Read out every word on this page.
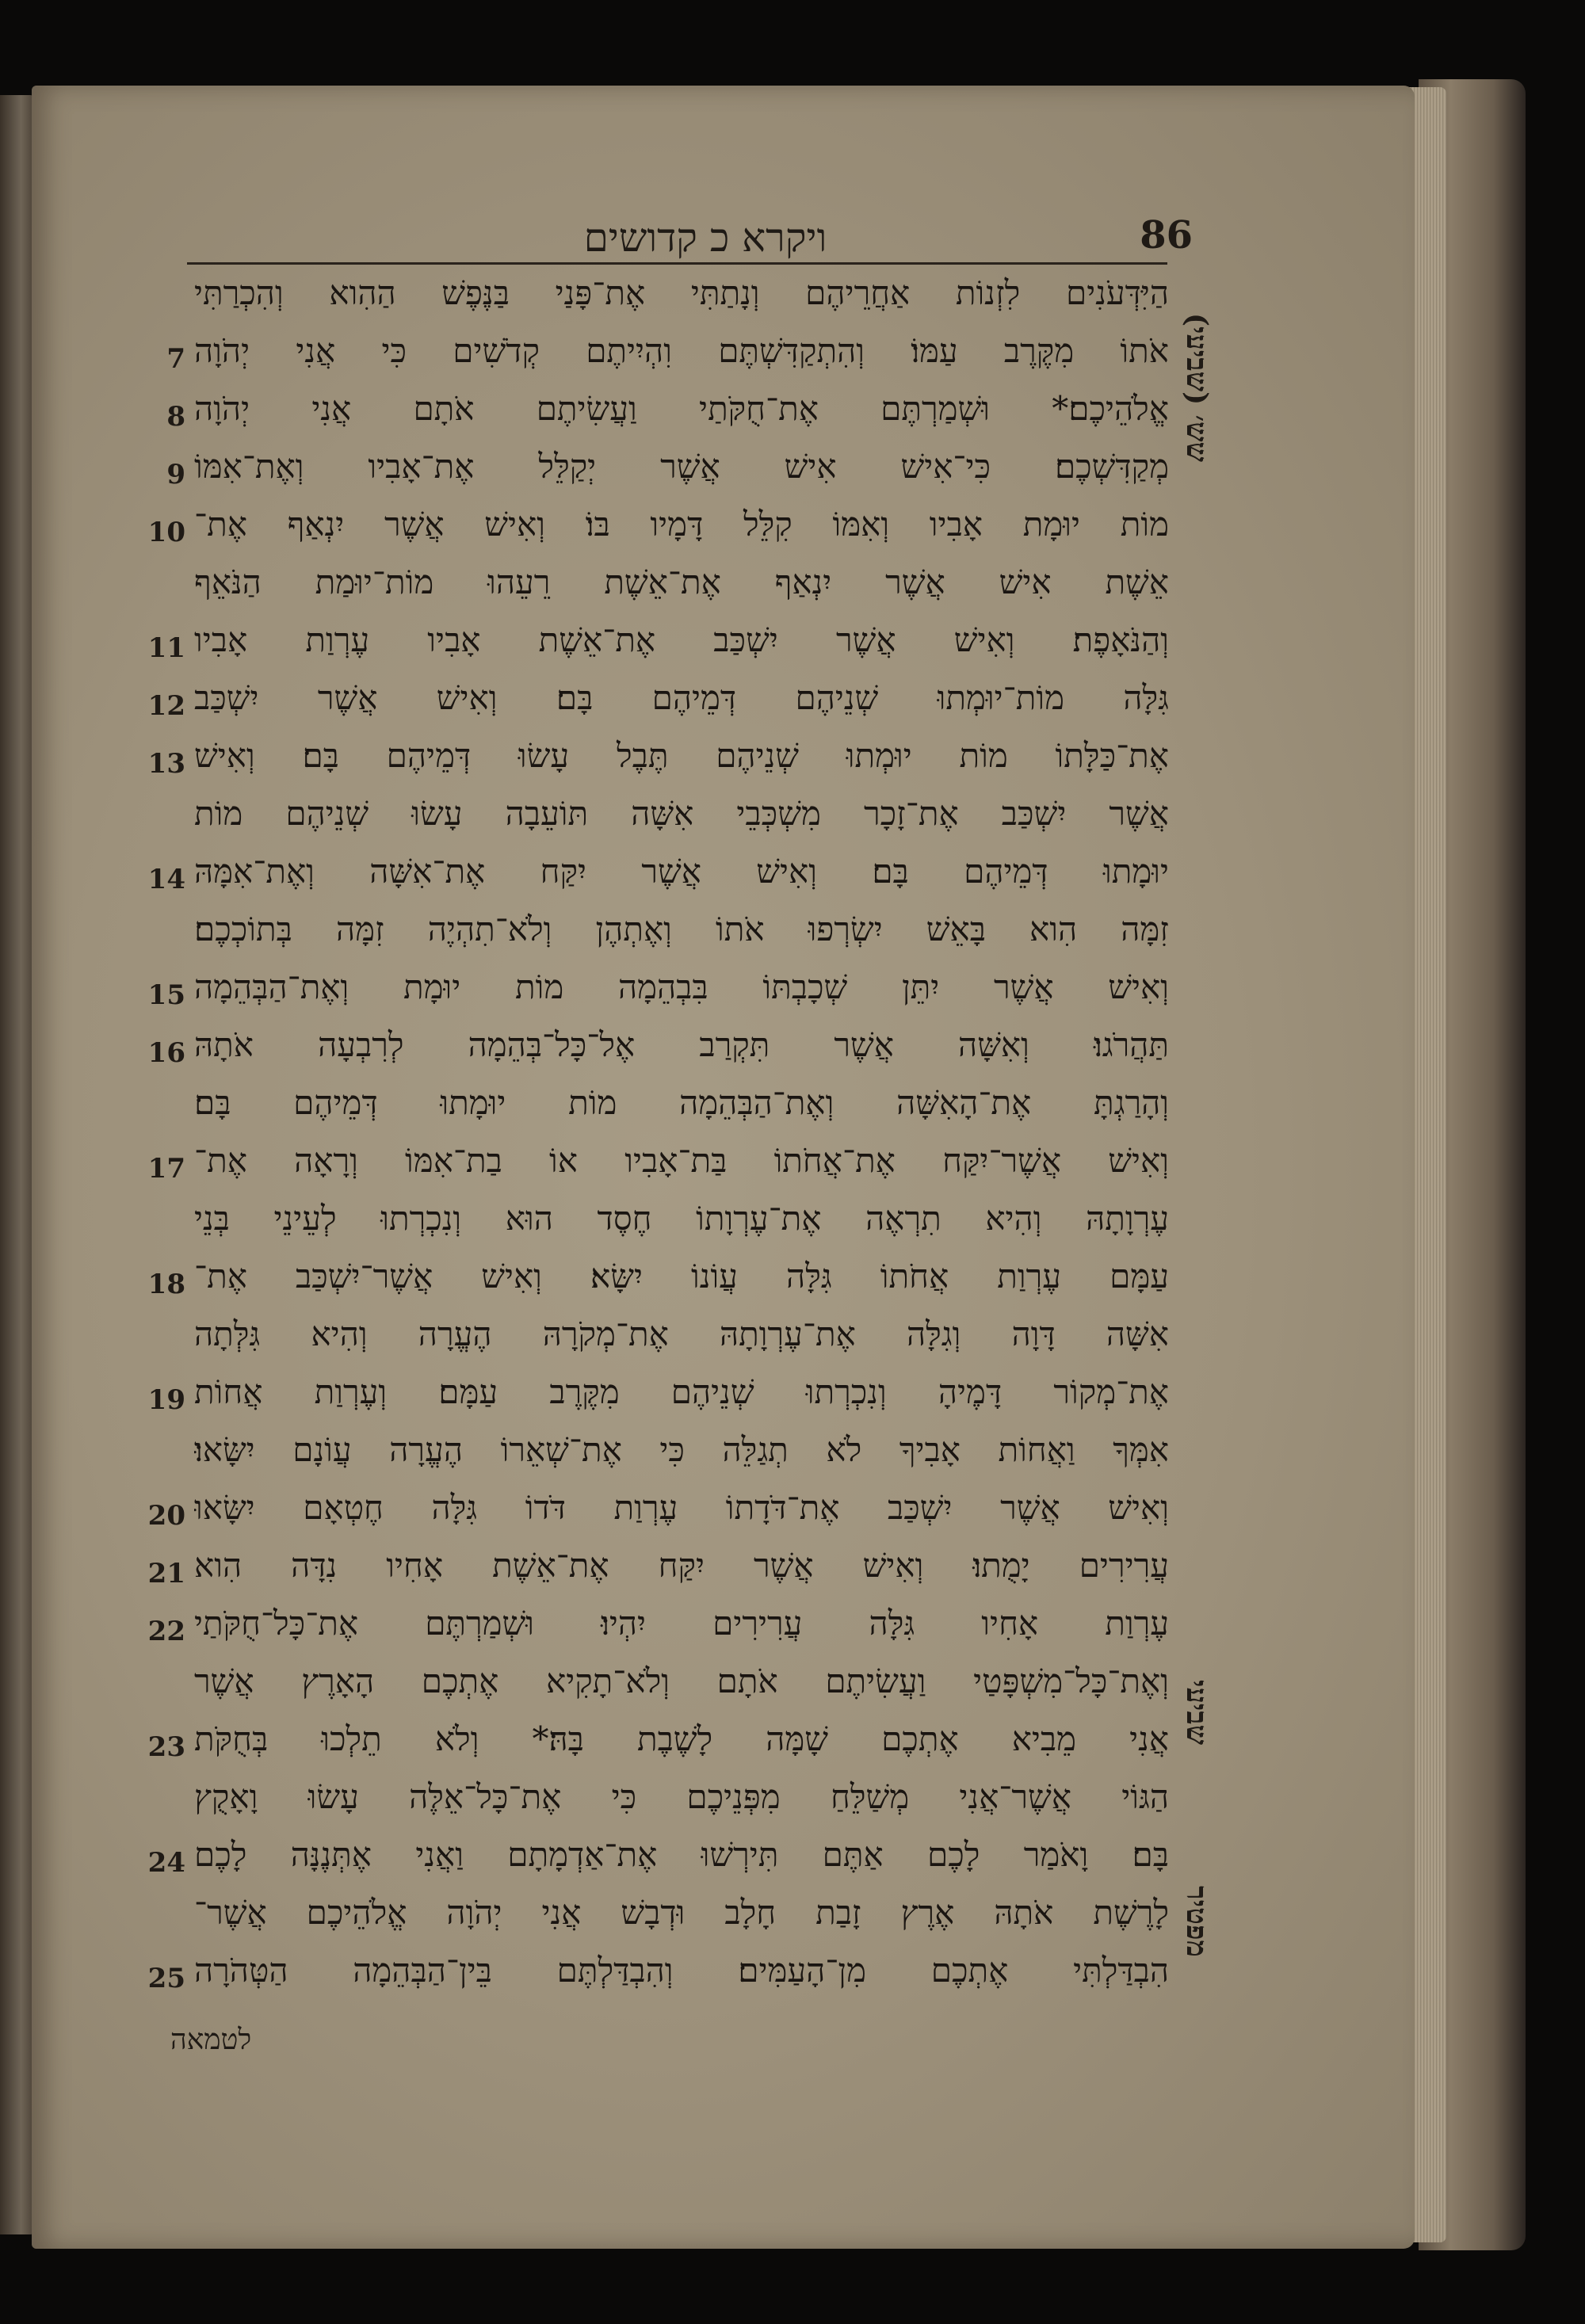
ויקרא כ קדושים	86
הַיִּדְּעֹנִים לִזְנוֹת אַחֲרֵיהֶם וְנָתַתִּי אֶת־פָּנַי בַּנֶּפֶשׁ הַהִוא וְהִכְרַתִּי
אֹתוֹ מִקֶּרֶב עַמּוֹ׃ וְהִתְקַדִּשְׁתֶּם וִהְיִיתֶם קְדֹשִׁים כִּי אֲנִי יְהֹוָה
אֱלֹהֵיכֶם׃* וּשְׁמַרְתֶּם אֶת־חֻקֹּתַי וַעֲשִׂיתֶם אֹתָם אֲנִי יְהֹוָה
מְקַדִּשְׁכֶם׃ כִּי־אִישׁ אִישׁ אֲשֶׁר יְקַלֵּל אֶת־אָבִיו וְאֶת־אִמּוֹ
מוֹת יוּמָת אָבִיו וְאִמּוֹ קִלֵּל דָּמָיו בּוֹ׃ וְאִישׁ אֲשֶׁר יִנְאַף אֶת־
אֵשֶׁת אִישׁ אֲשֶׁר יִנְאַף אֶת־אֵשֶׁת רֵעֵהוּ מוֹת־יוּמַת הַנֹּאֵף
וְהַנֹּאָפֶת׃ וְאִישׁ אֲשֶׁר יִשְׁכַּב אֶת־אֵשֶׁת אָבִיו עֶרְוַת אָבִיו
גִּלָּה מוֹת־יוּמְתוּ שְׁנֵיהֶם דְּמֵיהֶם בָּם׃ וְאִישׁ אֲשֶׁר יִשְׁכַּב
אֶת־כַּלָּתוֹ מוֹת יוּמְתוּ שְׁנֵיהֶם תֶּבֶל עָשׂוּ דְּמֵיהֶם בָּם׃ וְאִישׁ
אֲשֶׁר יִשְׁכַּב אֶת־זָכָר מִשְׁכְּבֵי אִשָּׁה תּוֹעֵבָה עָשׂוּ שְׁנֵיהֶם מוֹת
יוּמָתוּ דְּמֵיהֶם בָּם׃ וְאִישׁ אֲשֶׁר יִקַּח אֶת־אִשָּׁה וְאֶת־אִמָּהּ
זִמָּה הִוא בָּאֵשׁ יִשְׂרְפוּ אֹתוֹ וְאֶתְהֶן וְלֹא־תִהְיֶה זִמָּה בְּתוֹכְכֶם׃
וְאִישׁ אֲשֶׁר יִתֵּן שְׁכָבְתּוֹ בִּבְהֵמָה מוֹת יוּמָת וְאֶת־הַבְּהֵמָה
תַּהֲרֹגוּ׃ וְאִשָּׁה אֲשֶׁר תִּקְרַב אֶל־כָּל־בְּהֵמָה לְרִבְעָה אֹתָהּ
וְהָרַגְתָּ אֶת־הָאִשָּׁה וְאֶת־הַבְּהֵמָה מוֹת יוּמָתוּ דְּמֵיהֶם בָּם׃
וְאִישׁ אֲשֶׁר־יִקַּח אֶת־אֲחֹתוֹ בַּת־אָבִיו אוֹ בַת־אִמּוֹ וְרָאָה אֶת־
עֶרְוָתָהּ וְהִיא תִרְאֶה אֶת־עֶרְוָתוֹ חֶסֶד הוּא וְנִכְרְתוּ לְעֵינֵי בְּנֵי
עַמָּם עֶרְוַת אֲחֹתוֹ גִּלָּה עֲוֹנוֹ יִשָּׂא׃ וְאִישׁ אֲשֶׁר־יִשְׁכַּב אֶת־
אִשָּׁה דָּוָה וְגִלָּה אֶת־עֶרְוָתָהּ אֶת־מְקֹרָהּ הֶעֱרָה וְהִיא גִּלְּתָה
אֶת־מְקוֹר דָּמֶיהָ וְנִכְרְתוּ שְׁנֵיהֶם מִקֶּרֶב עַמָּם׃ וְעֶרְוַת אֲחוֹת
אִמְּךָ וַאֲחוֹת אָבִיךָ לֹא תְגַלֵּה כִּי אֶת־שְׁאֵרוֹ הֶעֱרָה עֲוֹנָם יִשָּׂאוּ׃
וְאִישׁ אֲשֶׁר יִשְׁכַּב אֶת־דֹּדָתוֹ עֶרְוַת דֹּדוֹ גִּלָּה חֶטְאָם יִשָּׂאוּ
עֲרִירִים יָמֻתוּ׃ וְאִישׁ אֲשֶׁר יִקַּח אֶת־אֵשֶׁת אָחִיו נִדָּה הִוא
עֶרְוַת אָחִיו גִּלָּה עֲרִירִים יִהְיוּ׃ וּשְׁמַרְתֶּם אֶת־כָּל־חֻקֹּתַי
וְאֶת־כָּל־מִשְׁפָּטַי וַעֲשִׂיתֶם אֹתָם וְלֹא־תָקִיא אֶתְכֶם הָאָרֶץ אֲשֶׁר
אֲנִי מֵבִיא אֶתְכֶם שָׁמָּה לָשֶׁבֶת בָּהּ׃* וְלֹא תֵלְכוּ בְּחֻקֹּת
הַגּוֹי אֲשֶׁר־אֲנִי מְשַׁלֵּחַ מִפְּנֵיכֶם כִּי אֶת־כָּל־אֵלֶּה עָשׂוּ וָאָקֻץ
בָּם׃ וָאֹמַר לָכֶם אַתֶּם תִּירְשׁוּ אֶת־אַדְמָתָם וַאֲנִי אֶתְּנֶנָּה לָכֶם
לָרֶשֶׁת אֹתָהּ אֶרֶץ זָבַת חָלָב וּדְבָשׁ אֲנִי יְהֹוָה אֱלֹהֵיכֶם אֲשֶׁר־
הִבְדַּלְתִּי אֶתְכֶם מִן־הָעַמִּים׃ וְהִבְדַּלְתֶּם בֵּין־הַבְּהֵמָה הַטְּהֹרָה
7
8
9
10
11
12
13
14
15
16
17
18
19
20
21
22
23
24
25
שש׳ (שביעי)
שביעי
מפטיר
לטמאה
